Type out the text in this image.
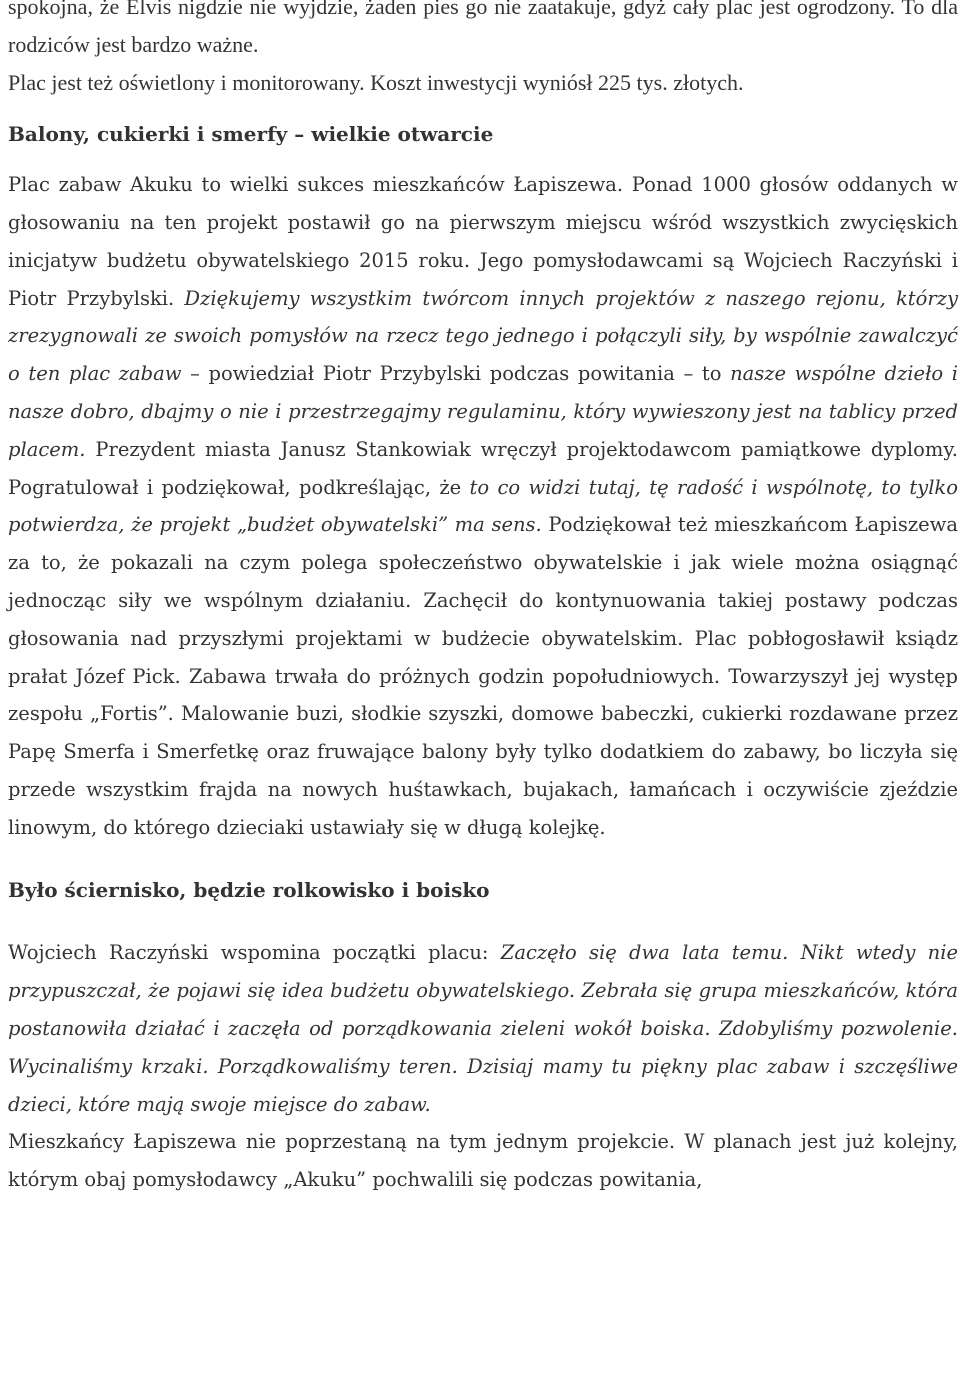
spokojna, że Elvis nigdzie nie wyjdzie, żaden pies go nie zaatakuje, gdyż cały plac jest ogrodzony. To dla rodziców jest bardzo ważne.

Plac jest też oświetlony i monitorowany. Koszt inwestycji wyniósł 225 tys. złotych.

Balony, cukierki i smerfy – wielkie otwarcie

Plac zabaw Akuku to wielki sukces mieszkańców Łapiszewa. Ponad 1000 głosów oddanych w głosowaniu na ten projekt postawił go na pierwszym miejscu wśród wszystkich zwycięskich inicjatyw budżetu obywatelskiego 2015 roku. Jego pomysłodawcami są Wojciech Raczyński i Piotr Przybylski. Dziękujemy wszystkim twórcom innych projektów z naszego rejonu, którzy zrezygnowali ze swoich pomysłów na rzecz tego jednego i połączyli siły, by wspólnie zawalczyć o ten plac zabaw – powiedział Piotr Przybylski podczas powitania – to nasze wspólne dzieło i nasze dobro, dbajmy o nie i przestrzegajmy regulaminu, który wywieszony jest na tablicy przed placem. Prezydent miasta Janusz Stankowiak wręczył projektodawcom pamiątkowe dyplomy. Pogratulował i podziękował, podkreślając, że to co widzi tutaj, tę radość i wspólnotę, to tylko potwierdza, że projekt „budżet obywatelski” ma sens. Podziękował też mieszkańcom Łapiszewa za to, że pokazali na czym polega społeczeństwo obywatelskie i jak wiele można osiągnąć jednocząc siły we wspólnym działaniu. Zachęcił do kontynuowania takiej postawy podczas głosowania nad przyszłymi projektami w budżecie obywatelskim. Plac pobłogosławił ksiądz prałat Józef Pick. Zabawa trwała do próżnych godzin popołudniowych. Towarzyszył jej występ zespołu „Fortis”. Malowanie buzi, słodkie szyszki, domowe babeczki, cukierki rozdawane przez Papę Smerfa i Smerfetkę oraz fruwające balony były tylko dodatkiem do zabawy, bo liczyła się przede wszystkim frajda na nowych huśtawkach, bujakach, łamańcach i oczywiście zjeździe linowym, do którego dzieciaki ustawiały się w długą kolejkę.

Było ściernisko, będzie rolkowisko i boisko

Wojciech Raczyński wspomina początki placu: Zaczęło się dwa lata temu. Nikt wtedy nie przypuszczał, że pojawi się idea budżetu obywatelskiego. Zebrała się grupa mieszkańców, która postanowiła działać i zaczęła od porządkowania zieleni wokół boiska. Zdobyliśmy pozwolenie. Wycinaliśmy krzaki. Porządkowaliśmy teren. Dzisiaj mamy tu piękny plac zabaw i szczęśliwe dzieci, które mają swoje miejsce do zabaw.

Mieszkańcy Łapiszewa nie poprzestaną na tym jednym projekcie. W planach jest już kolejny, którym obaj pomysłodawcy „Akuku” pochwalili się podczas powitania,
